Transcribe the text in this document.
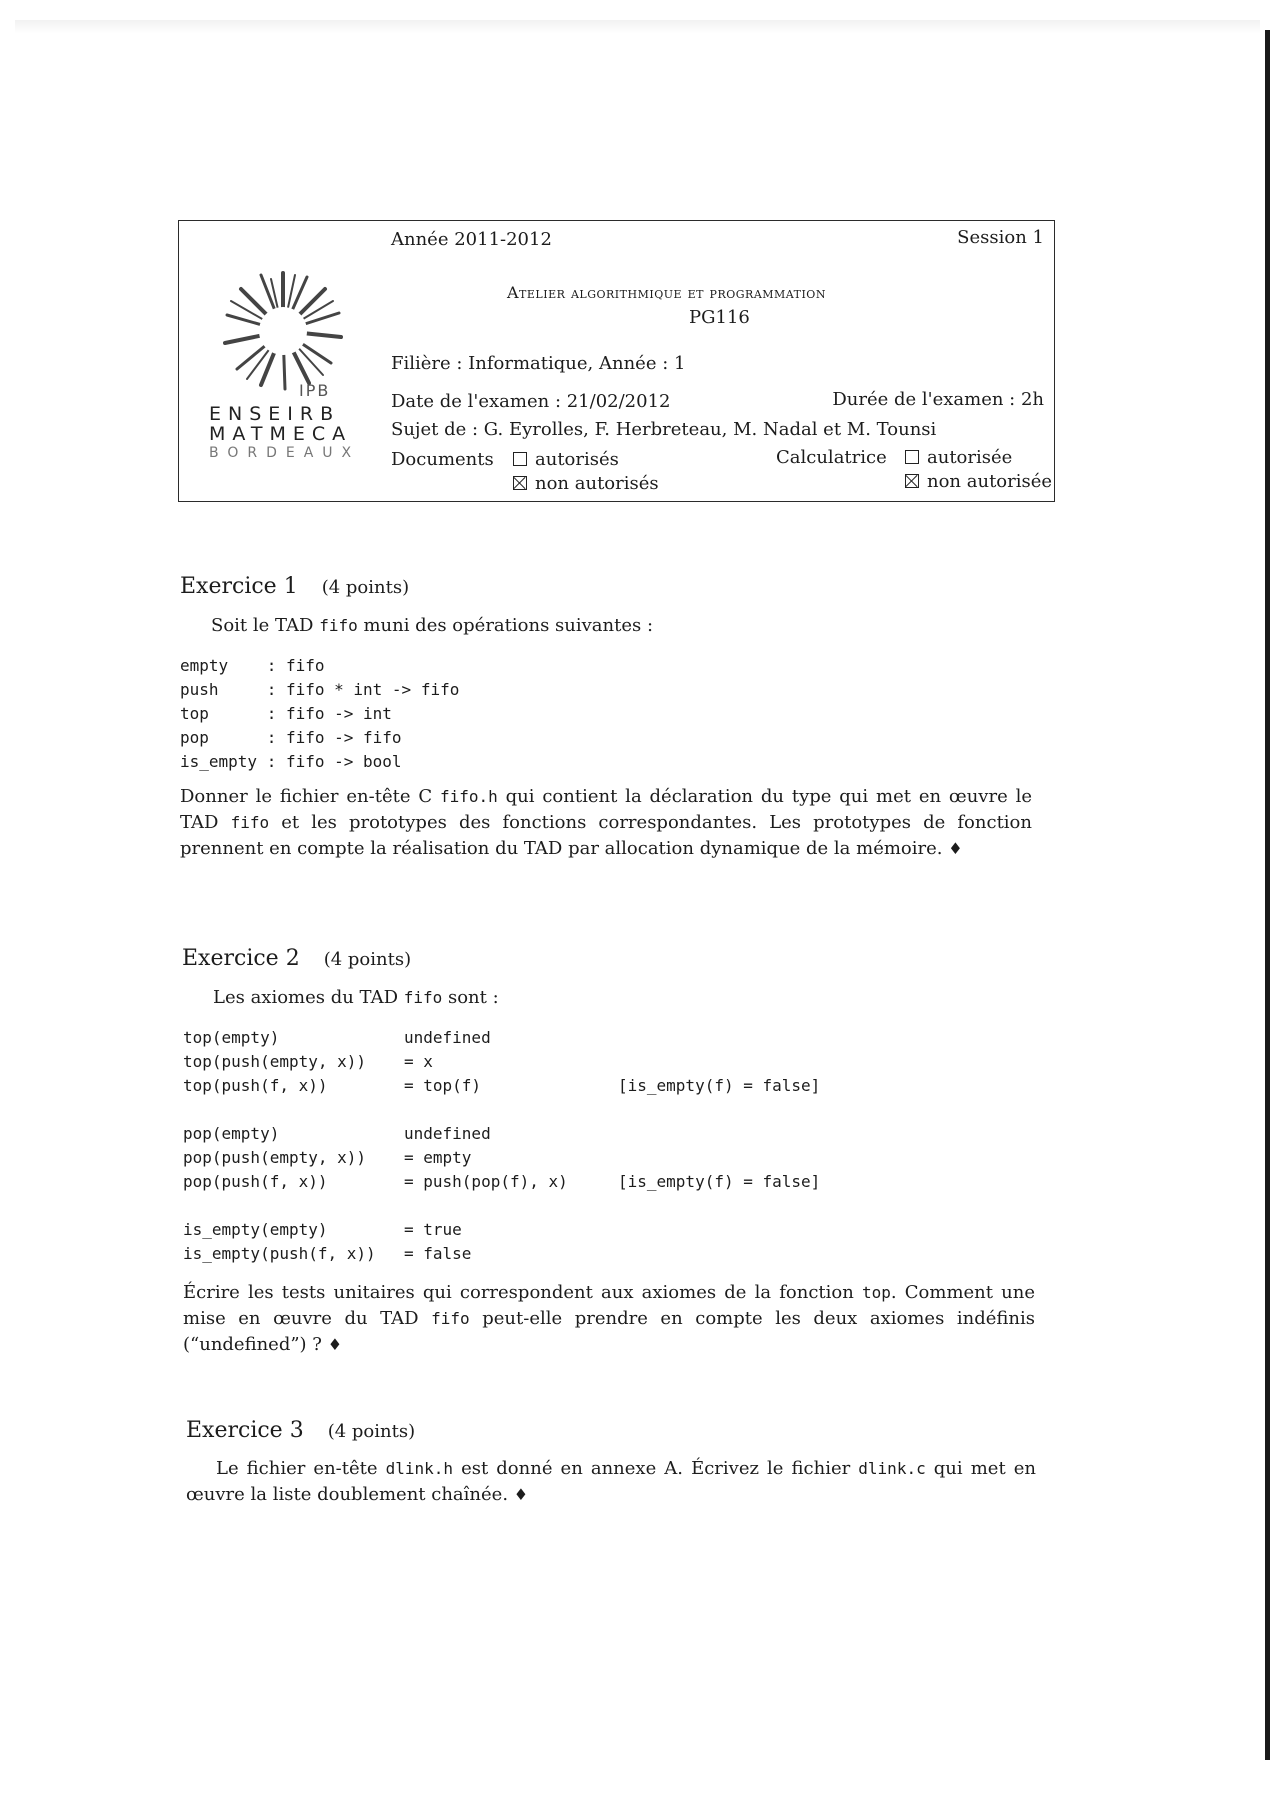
IPB
ENSEIRB
MATMECA
BORDEAUX
Année 2011-2012	Session 1
Atelier algorithmique et programmation
PG116
Filière : Informatique, Année : 1
Date de l'examen : 21/02/2012	Durée de l'examen : 2h
Sujet de : G. Eyrolles, F. Herbreteau, M. Nadal et M. Tounsi
Documents	autorisés
non autorisés
Calculatrice	autorisée
non autorisée
Exercice 1 (4 points)
Soit le TAD fifo muni des opérations suivantes :
empty    : fifo
push     : fifo * int -> fifo
top      : fifo -> int
pop      : fifo -> fifo
is_empty : fifo -> bool
Donner le fichier en-tête C fifo.h qui contient la déclaration du type qui met en œuvre le TAD fifo et les prototypes des fonctions correspondantes. Les prototypes de fonction prennent en compte la réalisation du TAD par allocation dynamique de la mémoire. ♦
Exercice 2 (4 points)
Les axiomes du TAD fifo sont :
top(empty)	undefined
top(push(empty, x)) = x
top(push(f, x))	= top(f)	[is_empty(f) = false]
pop(empty)	undefined
pop(push(empty, x)) = empty
pop(push(f, x))	= push(pop(f), x)	[is_empty(f) = false]
is_empty(empty)	= true
is_empty(push(f, x)) = false
Écrire les tests unitaires qui correspondent aux axiomes de la fonction top. Comment une mise en œuvre du TAD fifo peut-elle prendre en compte les deux axiomes indéfinis (“undefined”) ? ♦
Exercice 3 (4 points)
Le fichier en-tête dlink.h est donné en annexe A. Écrivez le fichier dlink.c qui met en œuvre la liste doublement chaînée. ♦
